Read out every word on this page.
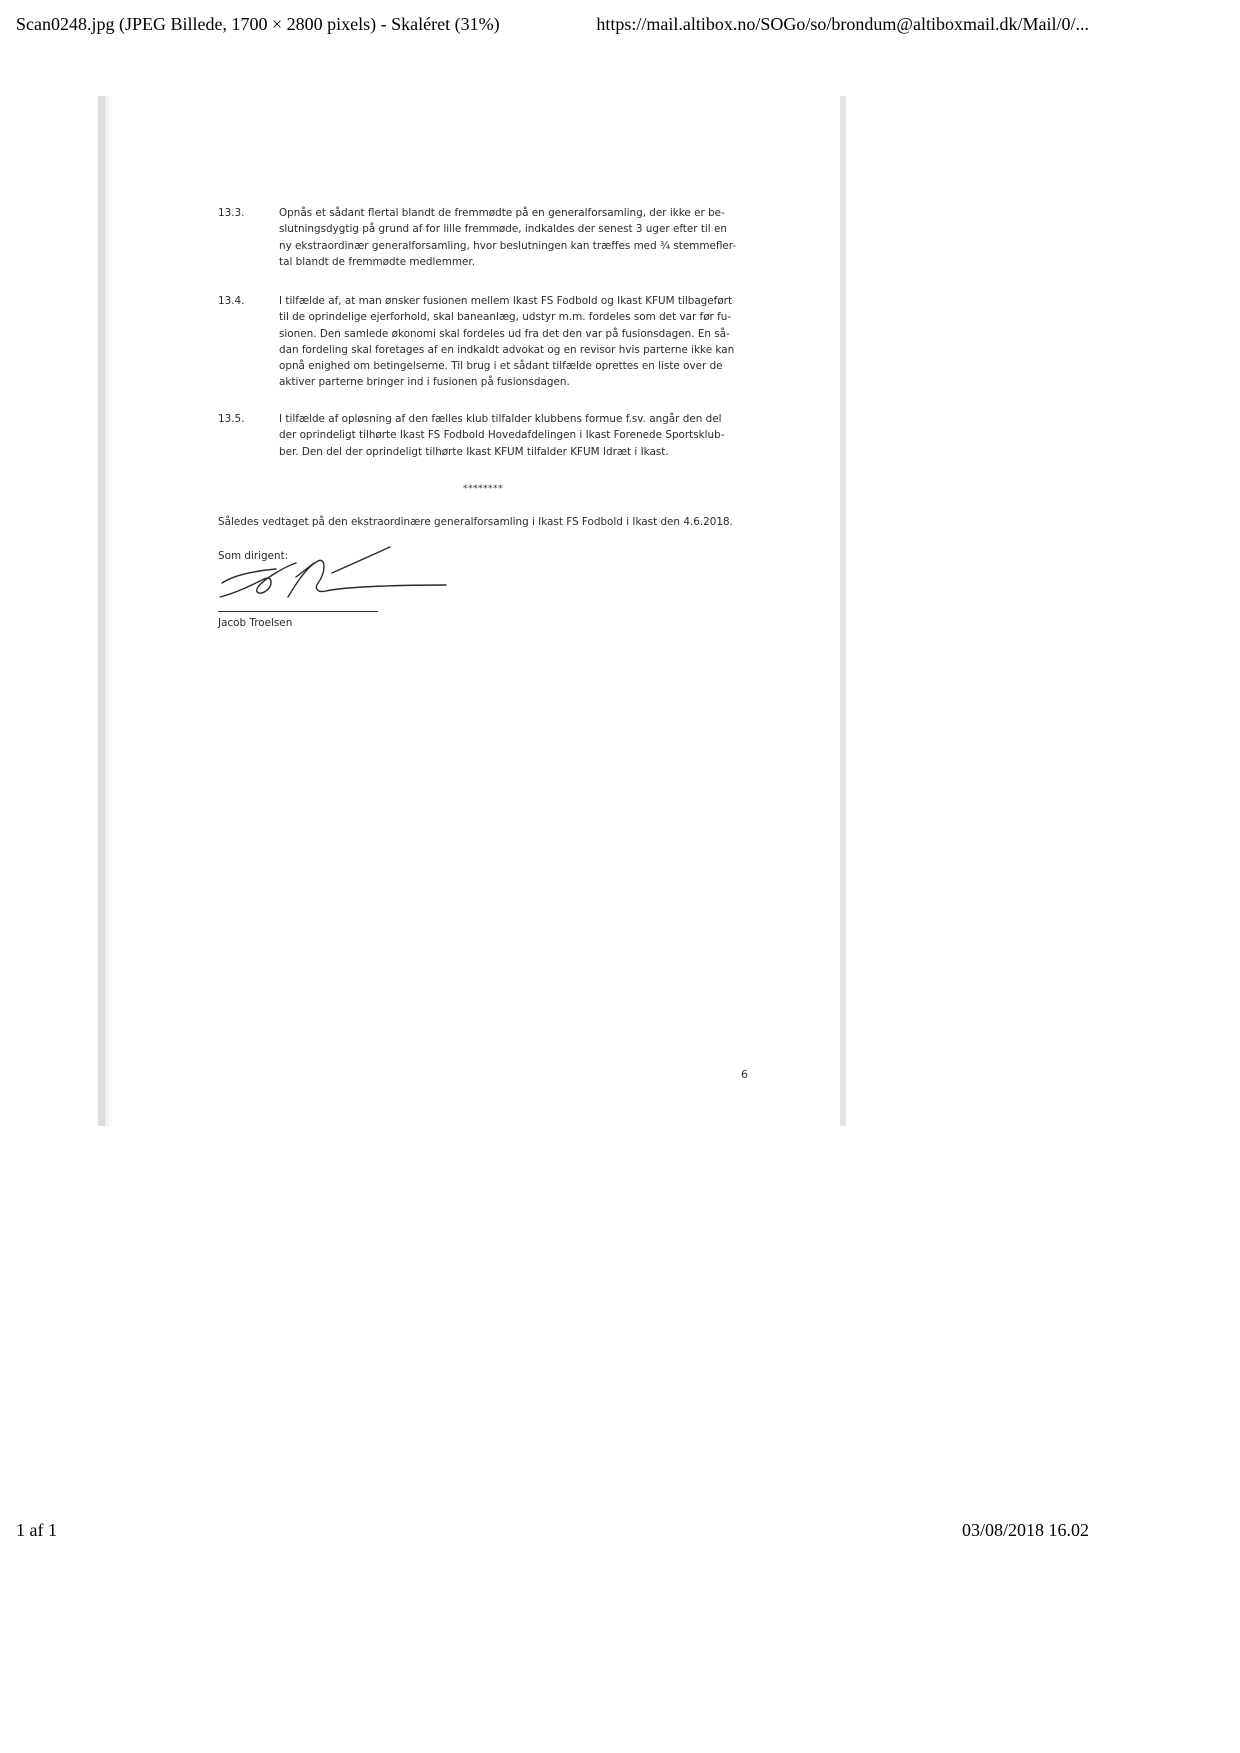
Scan0248.jpg (JPEG Billede, 1700 × 2800 pixels) - Skaléret (31%)	https://mail.altibox.no/SOGo/so/brondum@altiboxmail.dk/Mail/0/...
13.3.	Opnås et sådant flertal blandt de fremmødte på en generalforsamling, der ikke er be-
slutningsdygtig på grund af for lille fremmøde, indkaldes der senest 3 uger efter til en
ny ekstraordinær generalforsamling, hvor beslutningen kan træffes med ¾ stemmefler-
tal blandt de fremmødte medlemmer.
13.4.	I tilfælde af, at man ønsker fusionen mellem Ikast FS Fodbold og Ikast KFUM tilbageført
til de oprindelige ejerforhold, skal baneanlæg, udstyr m.m. fordeles som det var før fu-
sionen. Den samlede økonomi skal fordeles ud fra det den var på fusionsdagen. En så-
dan fordeling skal foretages af en indkaldt advokat og en revisor hvis parterne ikke kan
opnå enighed om betingelserne. Til brug i et sådant tilfælde oprettes en liste over de
aktiver parterne bringer ind i fusionen på fusionsdagen.
13.5.	I tilfælde af opløsning af den fælles klub tilfalder klubbens formue f.sv. angår den del
der oprindeligt tilhørte Ikast FS Fodbold Hovedafdelingen i Ikast Forenede Sportsklub-
ber. Den del der oprindeligt tilhørte Ikast KFUM tilfalder KFUM Idræt i Ikast.
********
Således vedtaget på den ekstraordinære generalforsamling i Ikast FS Fodbold i Ikast den 4.6.2018.
Som dirigent:
Jacob Troelsen
6
1 af 1	03/08/2018 16.02
